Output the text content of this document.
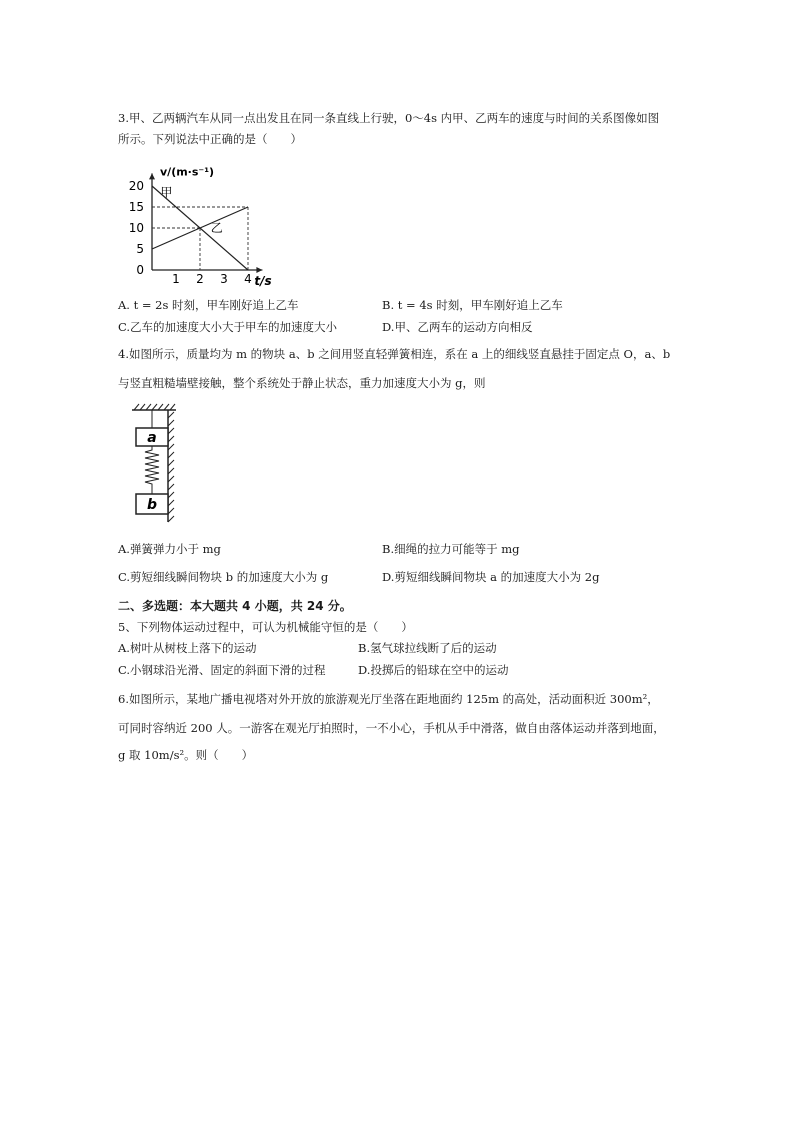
3.甲、乙两辆汽车从同一点出发且在同一条直线上行驶，0～4s 内甲、乙两车的速度与时间的关系图像如图
所示。下列说法中正确的是（　　）
甲
乙
1 2 3 4
0
5
10
15
20
t/s
v/(m·s⁻¹)
A. t = 2s 时刻，甲车刚好追上乙车	B. t = 4s 时刻，甲车刚好追上乙车
C.乙车的加速度大小大于甲车的加速度大小	D.甲、乙两车的运动方向相反
4.如图所示，质量均为 m 的物块 a、b 之间用竖直轻弹簧相连，系在 a 上的细线竖直悬挂于固定点 O，a、b
与竖直粗糙墙壁接触，整个系统处于静止状态，重力加速度大小为 g，则
a
b
A.弹簧弹力小于 mg	B.细绳的拉力可能等于 mg
C.剪短细线瞬间物块 b 的加速度大小为 g	D.剪短细线瞬间物块 a 的加速度大小为 2g
二、多选题：本大题共 4 小题，共 24 分。
5、下列物体运动过程中，可认为机械能守恒的是（　　）
A.树叶从树枝上落下的运动	B.氢气球拉线断了后的运动
C.小钢球沿光滑、固定的斜面下滑的过程	D.投掷后的铅球在空中的运动
6.如图所示，某地广播电视塔对外开放的旅游观光厅坐落在距地面约 125m 的高处，活动面积近 300m²，
可同时容纳近 200 人。一游客在观光厅拍照时，一不小心，手机从手中滑落，做自由落体运动并落到地面，
g 取 10m/s²。则（　　）
